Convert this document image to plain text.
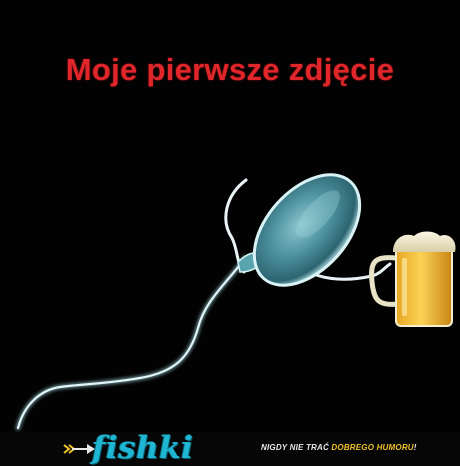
Moje pierwsze zdjęcie
fishki	NIGDY NIE TRAĆ DOBREGO HUMORU!
